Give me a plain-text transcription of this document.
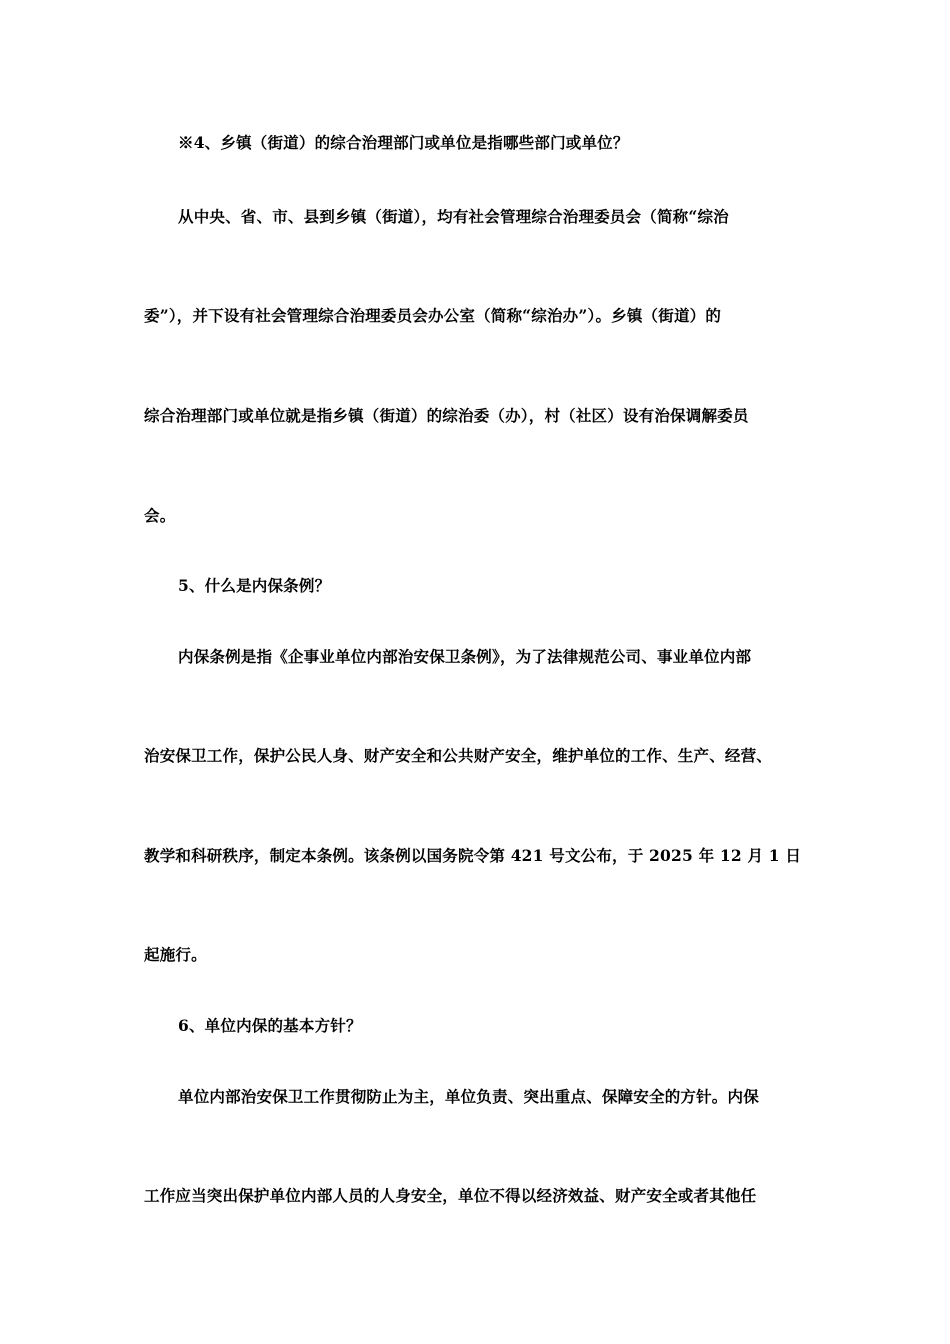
※4、乡镇（街道）的综合治理部门或单位是指哪些部门或单位？
从中央、省、市、县到乡镇（街道），均有社会管理综合治理委员会（简称“综治
委”），并下设有社会管理综合治理委员会办公室（简称“综治办”）。乡镇（街道）的
综合治理部门或单位就是指乡镇（街道）的综治委（办），村（社区）设有治保调解委员
会。
5、什么是内保条例？
内保条例是指《企事业单位内部治安保卫条例》，为了法律规范公司、事业单位内部
治安保卫工作，保护公民人身、财产安全和公共财产安全，维护单位的工作、生产、经营、
教学和科研秩序，制定本条例。该条例以国务院令第 421 号文公布，于 2025 年 12 月 1 日
起施行。
6、单位内保的基本方针？
单位内部治安保卫工作贯彻防止为主，单位负责、突出重点、保障安全的方针。内保
工作应当突出保护单位内部人员的人身安全，单位不得以经济效益、财产安全或者其他任
